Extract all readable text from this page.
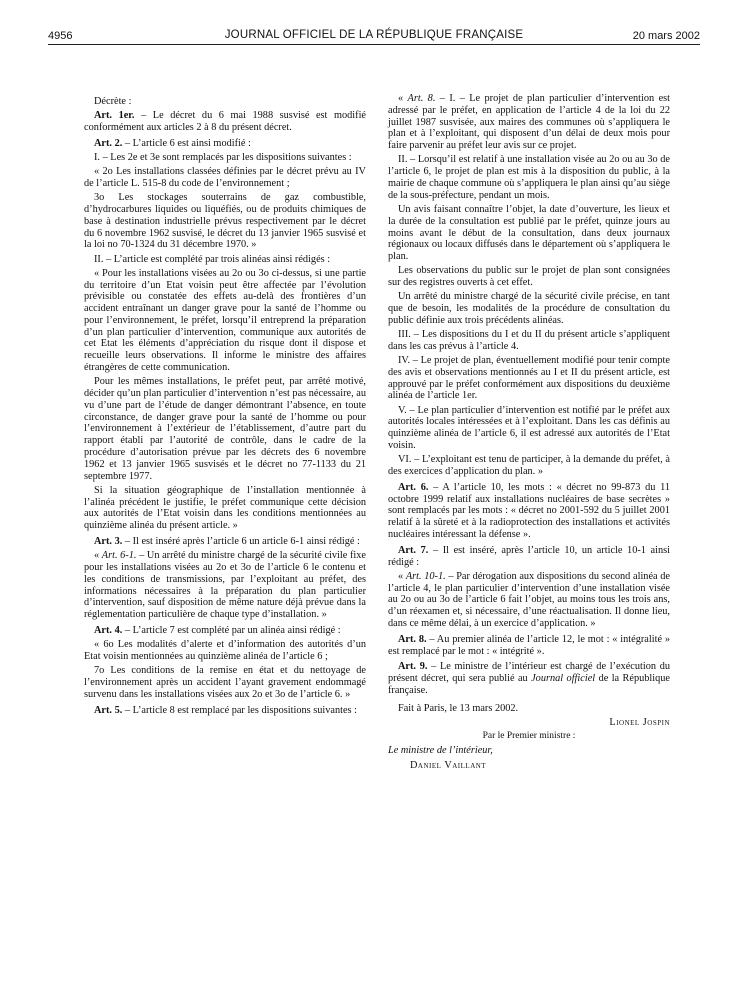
4956	JOURNAL OFFICIEL DE LA RÉPUBLIQUE FRANÇAISE	20 mars 2002

Décrète :

Art. 1er. – Le décret du 6 mai 1988 susvisé est modifié conformément aux articles 2 à 8 du présent décret.

Art. 2. – L’article 6 est ainsi modifié :

I. – Les 2e et 3e sont remplacés par les dispositions suivantes :

« 2o Les installations classées définies par le décret prévu au IV de l’article L. 515-8 du code de l’environnement ;

3o Les stockages souterrains de gaz combustible, d’hydrocarbures liquides ou liquéfiés, ou de produits chimiques de base à destination industrielle prévus respectivement par le décret du 6 novembre 1962 susvisé, le décret du 13 janvier 1965 susvisé et la loi no 70-1324 du 31 décembre 1970. »

II. – L’article est complété par trois alinéas ainsi rédigés :

« Pour les installations visées au 2o ou 3o ci-dessus, si une partie du territoire d’un Etat voisin peut être affectée par l’évolution prévisible ou constatée des effets au-delà des frontières d’un accident entraînant un danger grave pour la santé de l’homme ou pour l’environnement, le préfet, lorsqu’il entreprend la préparation d’un plan particulier d’intervention, communique aux autorités de cet Etat les éléments d’appréciation du risque dont il dispose et recueille leurs observations. Il informe le ministre des affaires étrangères de cette communication.

Pour les mêmes installations, le préfet peut, par arrêté motivé, décider qu’un plan particulier d’intervention n’est pas nécessaire, au vu d’une part de l’étude de danger démontrant l’absence, en toute circonstance, de danger grave pour la santé de l’homme ou pour l’environnement à l’extérieur de l’établissement, d’autre part du rapport établi par l’autorité de contrôle, dans le cadre de la procédure d’autorisation prévue par les décrets des 6 novembre 1962 et 13 janvier 1965 susvisés et le décret no 77-1133 du 21 septembre 1977.

Si la situation géographique de l’installation mentionnée à l’alinéa précédent le justifie, le préfet communique cette décision aux autorités de l’Etat voisin dans les conditions mentionnées au quinzième alinéa du présent article. »

Art. 3. – Il est inséré après l’article 6 un article 6-1 ainsi rédigé :

« Art. 6-1. – Un arrêté du ministre chargé de la sécurité civile fixe pour les installations visées au 2o et 3o de l’article 6 le contenu et les conditions de transmissions, par l’exploitant au préfet, des informations nécessaires à la préparation du plan particulier d’intervention, sauf disposition de même nature déjà prévue dans la réglementation particulière de chaque type d’installation. »

Art. 4. – L’article 7 est complété par un alinéa ainsi rédigé :

« 6o Les modalités d’alerte et d’information des autorités d’un Etat voisin mentionnées au quinzième alinéa de l’article 6 ;

7o Les conditions de la remise en état et du nettoyage de l’environnement après un accident l’ayant gravement endommagé survenu dans les installations visées aux 2o et 3o de l’article 6. »

Art. 5. – L’article 8 est remplacé par les dispositions suivantes :

« Art. 8. – I. – Le projet de plan particulier d’intervention est adressé par le préfet, en application de l’article 4 de la loi du 22 juillet 1987 susvisée, aux maires des communes où s’appliquera le plan et à l’exploitant, qui disposent d’un délai de deux mois pour faire parvenir au préfet leur avis sur ce projet.

II. – Lorsqu’il est relatif à une installation visée au 2o ou au 3o de l’article 6, le projet de plan est mis à la disposition du public, à la mairie de chaque commune où s’appliquera le plan ainsi qu’au siège de la sous-préfecture, pendant un mois.

Un avis faisant connaître l’objet, la date d’ouverture, les lieux et la durée de la consultation est publié par le préfet, quinze jours au moins avant le début de la consultation, dans deux journaux régionaux ou locaux diffusés dans le département où s’appliquera le plan.

Les observations du public sur le projet de plan sont consignées sur des registres ouverts à cet effet.

Un arrêté du ministre chargé de la sécurité civile précise, en tant que de besoin, les modalités de la procédure de consultation du public définie aux trois précédents alinéas.

III. – Les dispositions du I et du II du présent article s’appliquent dans les cas prévus à l’article 4.

IV. – Le projet de plan, éventuellement modifié pour tenir compte des avis et observations mentionnés au I et II du présent article, est approuvé par le préfet conformément aux dispositions du deuxième alinéa de l’article 1er.

V. – Le plan particulier d’intervention est notifié par le préfet aux autorités locales intéressées et à l’exploitant. Dans les cas définis au quinzième alinéa de l’article 6, il est adressé aux autorités de l’Etat voisin.

VI. – L’exploitant est tenu de participer, à la demande du préfet, à des exercices d’application du plan. »

Art. 6. – A l’article 10, les mots : « décret no 99-873 du 11 octobre 1999 relatif aux installations nucléaires de base secrètes » sont remplacés par les mots : « décret no 2001-592 du 5 juillet 2001 relatif à la sûreté et à la radioprotection des installations et activités nucléaires intéressant la défense ».

Art. 7. – Il est inséré, après l’article 10, un article 10-1 ainsi rédigé :

« Art. 10-1. – Par dérogation aux dispositions du second alinéa de l’article 4, le plan particulier d’intervention d’une installation visée au 2o ou au 3o de l’article 6 fait l’objet, au moins tous les trois ans, d’un réexamen et, si nécessaire, d’une réactualisation. Il donne lieu, dans ce même délai, à un exercice d’application. »

Art. 8. – Au premier alinéa de l’article 12, le mot : « intégralité » est remplacé par le mot : « intégrité ».

Art. 9. – Le ministre de l’intérieur est chargé de l’exécution du présent décret, qui sera publié au Journal officiel de la République française.

Fait à Paris, le 13 mars 2002.

Lionel Jospin

Par le Premier ministre :

Le ministre de l’intérieur,

Daniel Vaillant
